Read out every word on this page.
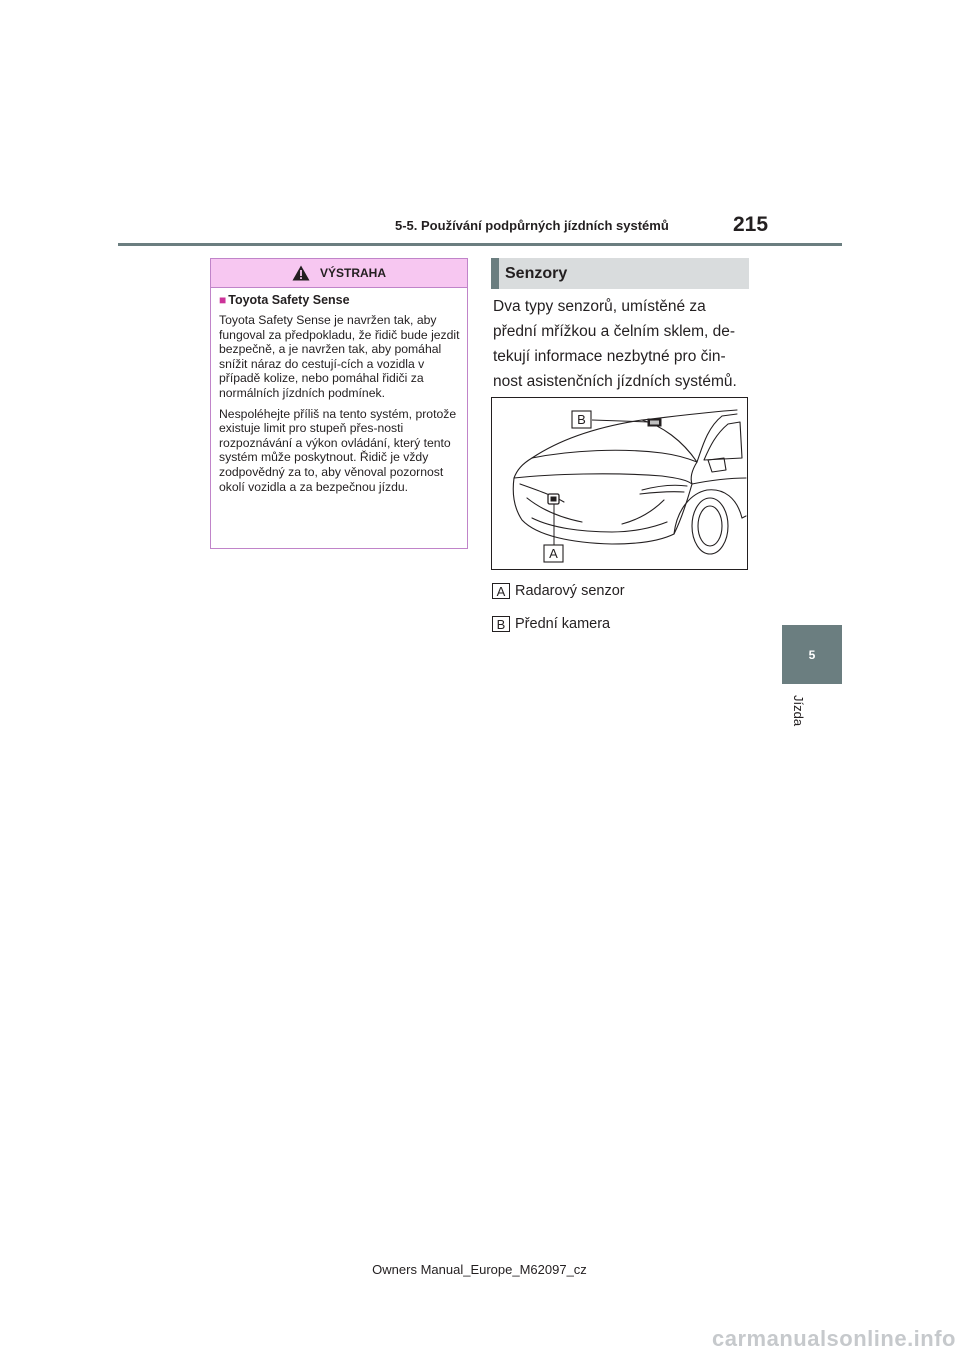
5-5. Používání podpůrných jízdních systémů	215
5
Jízda
VÝSTRAHA

■ Toyota Safety Sense

Toyota Safety Sense je navržen tak, aby fungoval za předpokladu, že řidič bude jezdit bezpečně, a je navržen tak, aby pomáhal snížit náraz do cestují-cích a vozidla v případě kolize, nebo pomáhal řidiči za normálních jízdních podmínek.

Nespoléhejte příliš na tento systém, protože existuje limit pro stupeň přes-nosti rozpoznávání a výkon ovládání, který tento systém může poskytnout. Řidič je vždy zodpovědný za to, aby věnoval pozornost okolí vozidla a za bezpečnou jízdu.

Senzory

Dva typy senzorů, umístěné za
přední mřížkou a čelním sklem, de-
tekují informace nezbytné pro čin-
nost asistenčních jízdních systémů.

B
A
A Radarový senzor
B Přední kamera
Owners Manual_Europe_M62097_cz
carmanualsonline.info
